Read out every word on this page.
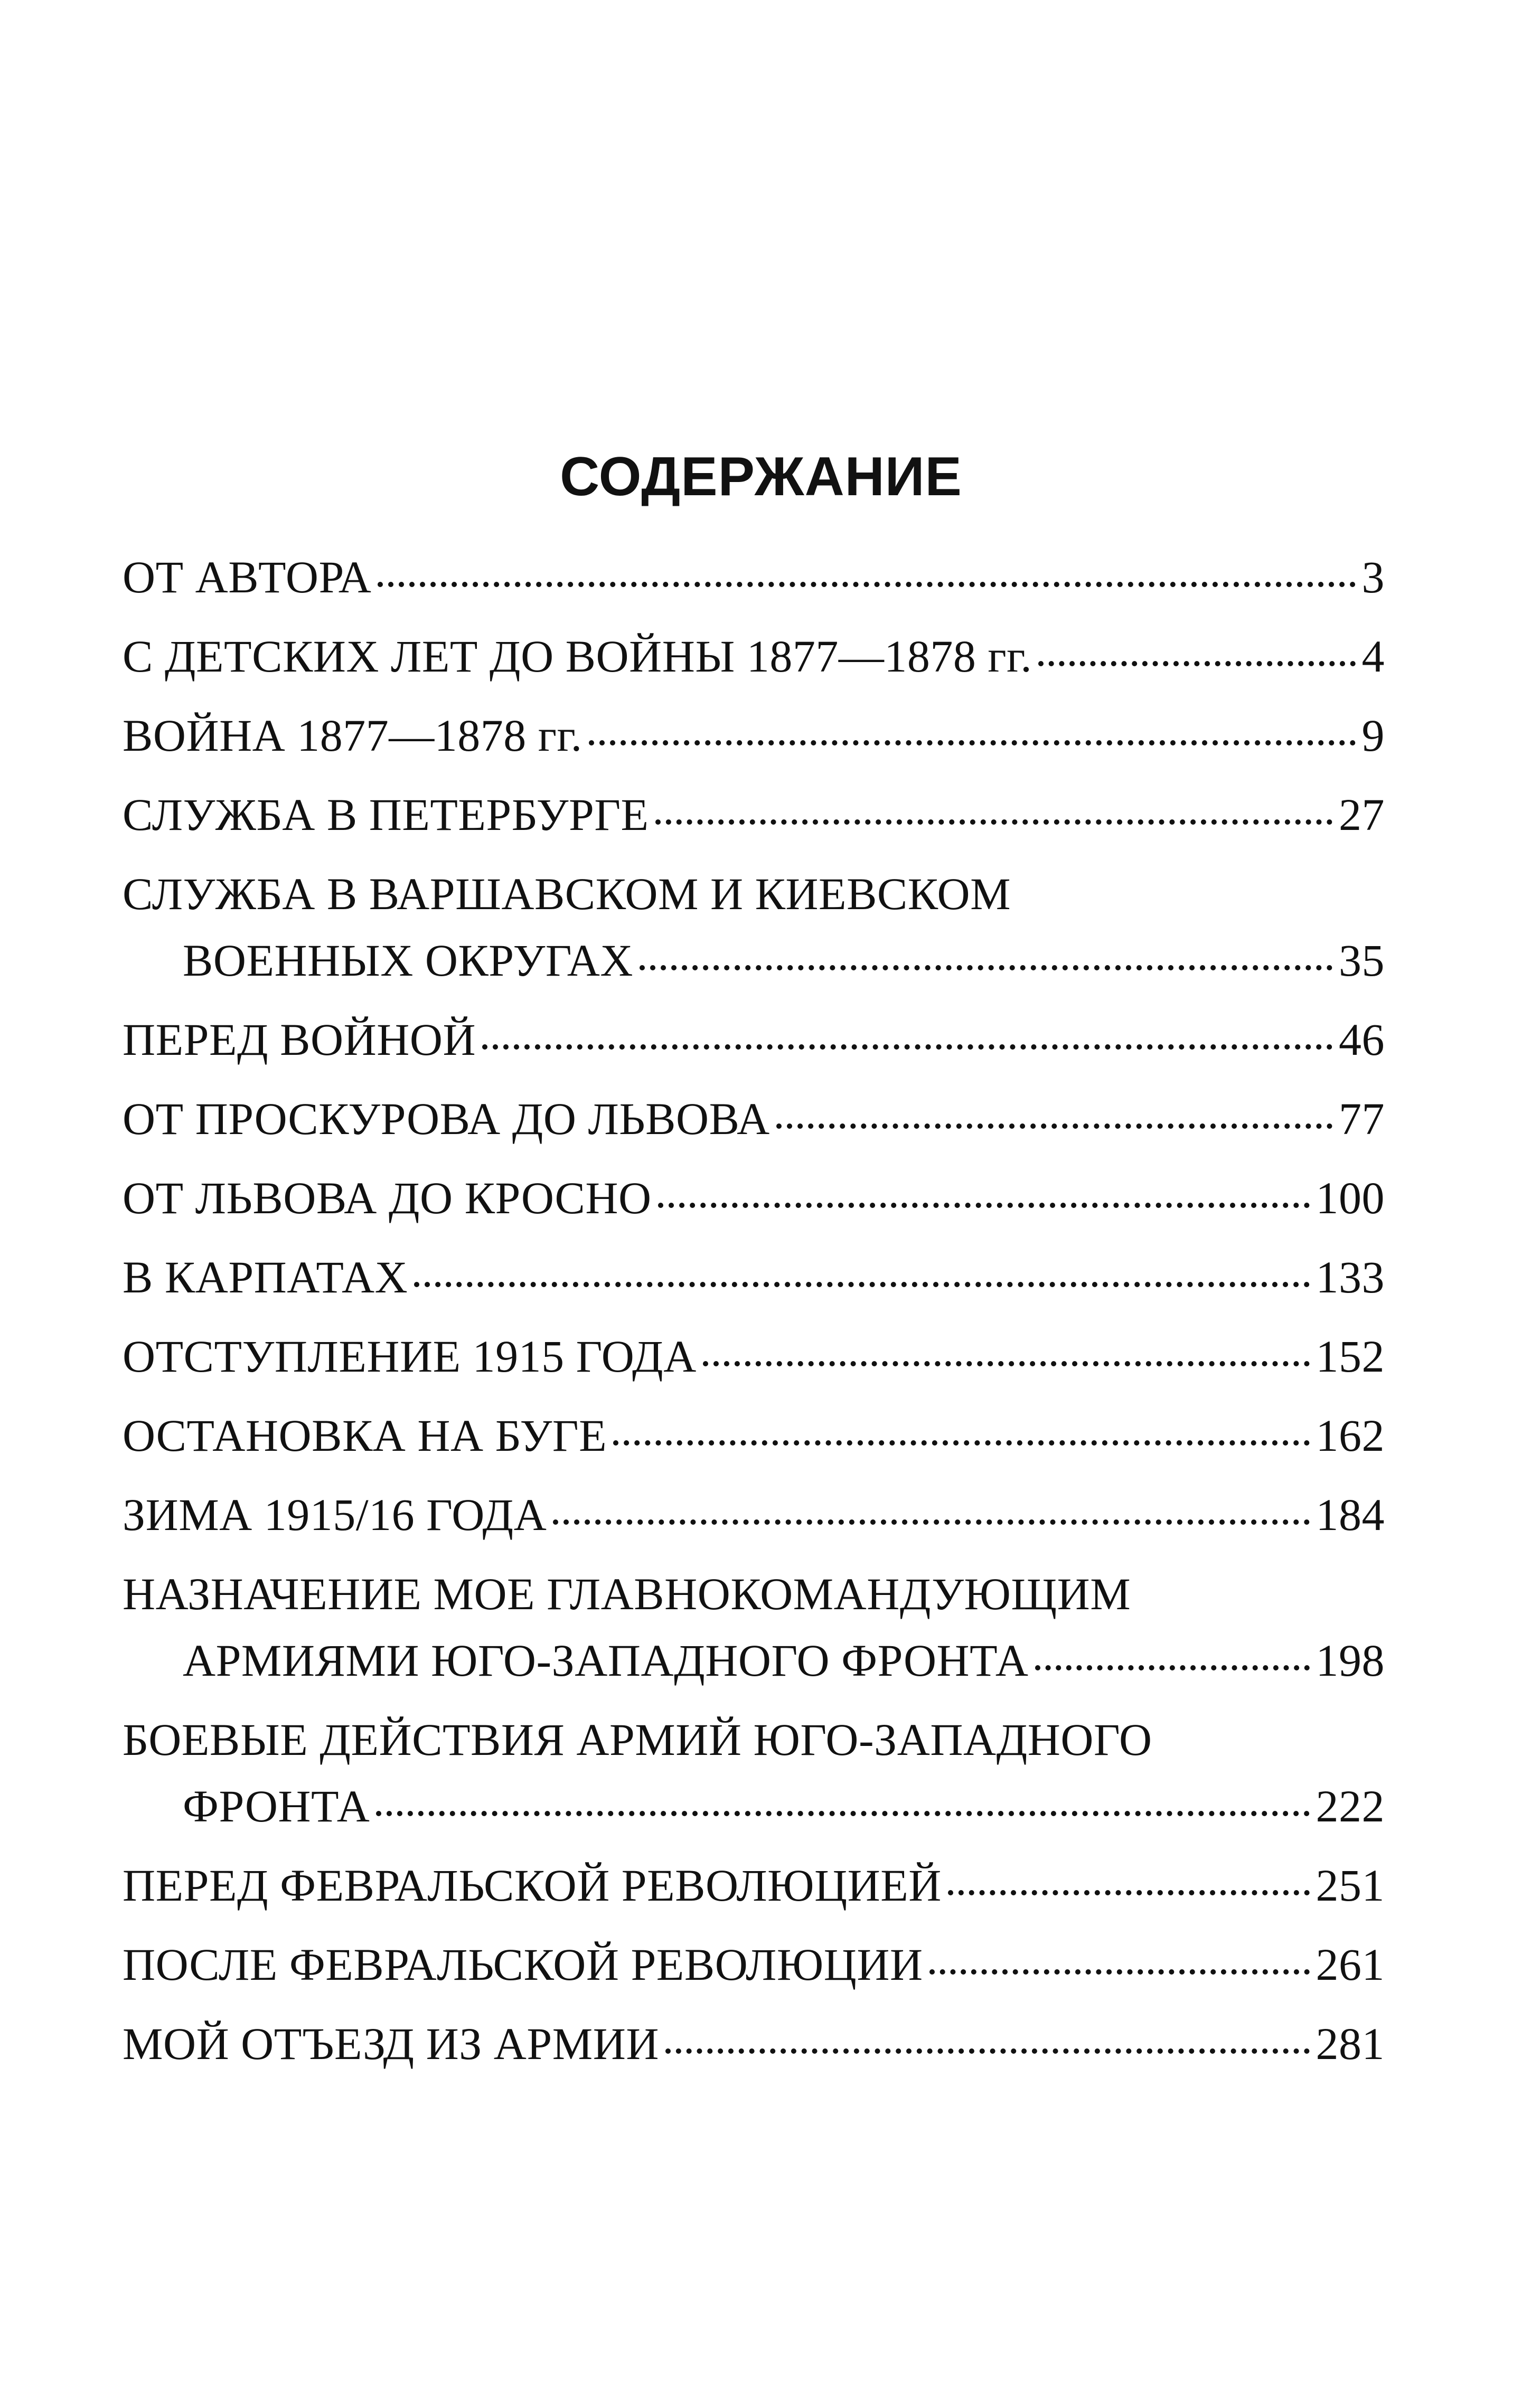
СОДЕРЖАНИЕ
ОТ АВТОРА	3
С ДЕТСКИХ ЛЕТ ДО ВОЙНЫ 1877—1878 гг.	4
ВОЙНА 1877—1878 гг.	9
СЛУЖБА В ПЕТЕРБУРГЕ	27
СЛУЖБА В ВАРШАВСКОМ И КИЕВСКОМ
ВОЕННЫХ ОКРУГАХ	35
ПЕРЕД ВОЙНОЙ	46
ОТ ПРОСКУРОВА ДО ЛЬВОВА	77
ОТ ЛЬВОВА ДО КРОСНО	100
В КАРПАТАХ	133
ОТСТУПЛЕНИЕ 1915 ГОДА	152
ОСТАНОВКА НА БУГЕ	162
ЗИМА 1915/16 ГОДА	184
НАЗНАЧЕНИЕ МОЕ ГЛАВНОКОМАНДУЮЩИМ
АРМИЯМИ ЮГО-ЗАПАДНОГО ФРОНТА	198
БОЕВЫЕ ДЕЙСТВИЯ АРМИЙ ЮГО-ЗАПАДНОГО
ФРОНТА	222
ПЕРЕД ФЕВРАЛЬСКОЙ РЕВОЛЮЦИЕЙ	251
ПОСЛЕ ФЕВРАЛЬСКОЙ РЕВОЛЮЦИИ	261
МОЙ ОТЪЕЗД ИЗ АРМИИ	281
